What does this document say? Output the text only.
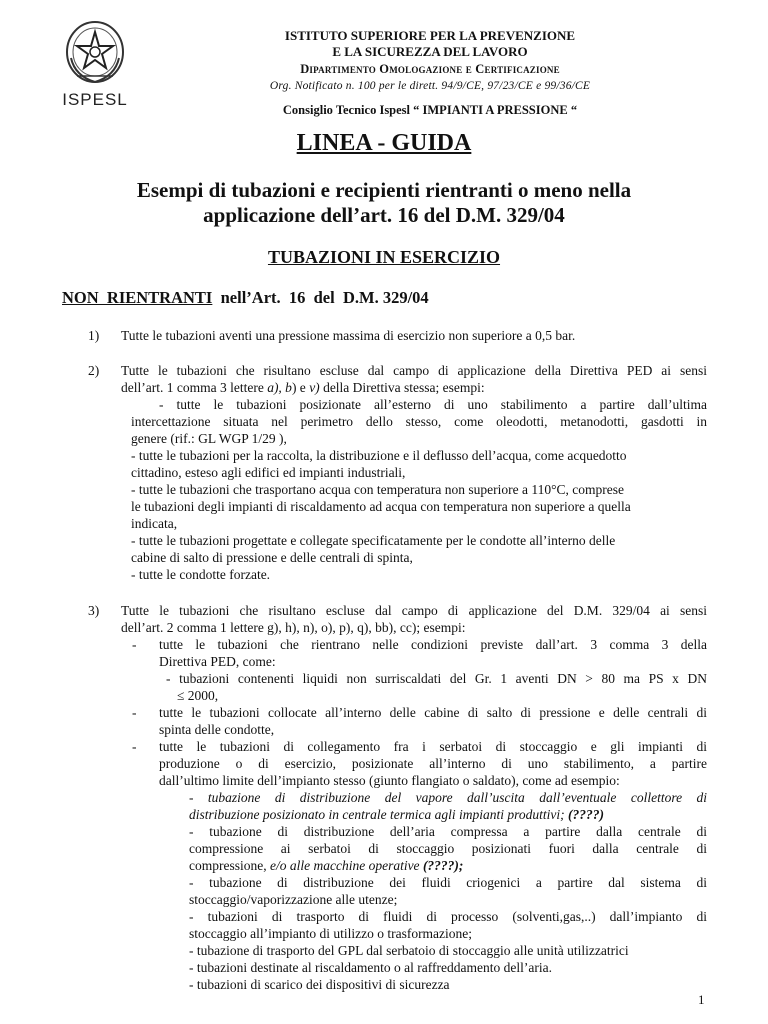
ISPESL
ISTITUTO SUPERIORE PER LA PREVENZIONE
E LA SICUREZZA DEL LAVORO
Dipartimento Omologazione e Certificazione
Org. Notificato n. 100 per le dirett. 94/9/CE, 97/23/CE e 99/36/CE
Consiglio Tecnico Ispesl “ IMPIANTI A PRESSIONE “
LINEA - GUIDA
Esempi di tubazioni e recipienti rientranti o meno nella
applicazione dell’art. 16 del D.M. 329/04
TUBAZIONI IN ESERCIZIO
NON  RIENTRANTI  nell’Art.  16  del  D.M. 329/04
1) Tutte le tubazioni aventi una pressione massima di esercizio non superiore a 0,5 bar.
2) Tutte le tubazioni che risultano escluse dal campo di applicazione della Direttiva PED ai sensi
dell’art. 1 comma 3 lettere a), b) e v) della Direttiva stessa; esempi:
- tutte le tubazioni posizionate all’esterno di uno stabilimento a partire dall’ultima
intercettazione situata nel perimetro dello stesso, come oleodotti, metanodotti, gasdotti in
genere (rif.: GL WGP 1/29 ),
- tutte le tubazioni per la raccolta, la distribuzione e il deflusso dell’acqua, come acquedotto
cittadino, esteso agli edifici ed impianti industriali,
- tutte le tubazioni che trasportano acqua con temperatura non superiore a 110°C, comprese
le tubazioni degli impianti di riscaldamento ad acqua con temperatura non superiore a quella
indicata,
- tutte le tubazioni progettate e collegate specificatamente per le condotte all’interno delle
cabine di salto di pressione e delle centrali di spinta,
- tutte le condotte forzate.
3) Tutte le tubazioni che risultano escluse dal campo di applicazione del D.M. 329/04 ai sensi
dell’art. 2 comma 1 lettere g), h), n), o), p), q), bb), cc); esempi:
- tutte le tubazioni che rientrano nelle condizioni previste dall’art. 3 comma 3 della
Direttiva PED, come:
- tubazioni contenenti liquidi non surriscaldati del Gr. 1 aventi DN > 80 ma PS x DN
≤ 2000,
- tutte le tubazioni collocate all’interno delle cabine di salto di pressione e delle centrali di
spinta delle condotte,
- tutte le tubazioni di collegamento fra i serbatoi di stoccaggio e gli impianti di
produzione o di esercizio, posizionate all’interno di uno stabilimento, a partire
dall’ultimo limite dell’impianto stesso (giunto flangiato o saldato), come ad esempio:
- tubazione di distribuzione del vapore dall’uscita dall’eventuale collettore di
distribuzione posizionato in centrale termica agli impianti produttivi; (????)
- tubazione di distribuzione dell’aria compressa a partire dalla centrale di
compressione ai serbatoi di stoccaggio posizionati fuori dalla centrale di
compressione, e/o alle macchine operative (????);
- tubazione di distribuzione dei fluidi criogenici a partire dal sistema di
stoccaggio/vaporizzazione alle utenze;
- tubazioni di trasporto di fluidi di processo (solventi,gas,..) dall’impianto di
stoccaggio all’impianto di utilizzo o trasformazione;
- tubazione di trasporto del GPL dal serbatoio di stoccaggio alle unità utilizzatrici
- tubazioni destinate al riscaldamento o al raffreddamento dell’aria.
- tubazioni di scarico dei dispositivi di sicurezza
1
